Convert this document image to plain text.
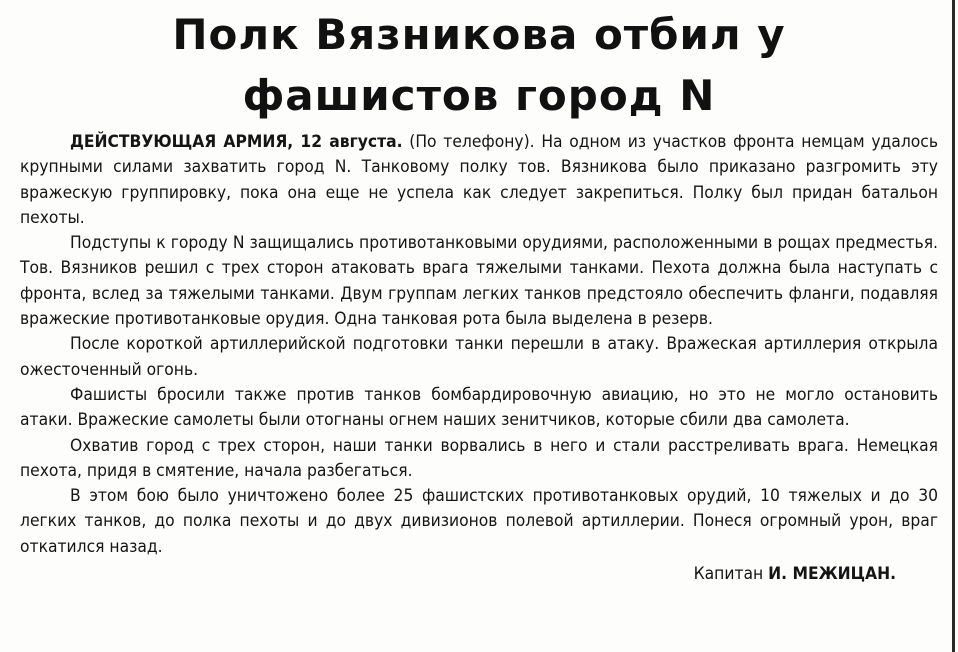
Полк Вязникова отбил у
фашистов город N

ДЕЙСТВУЮЩАЯ АРМИЯ, 12 августа. (По телефону). На одном из участков фронта немцам удалось крупными силами захватить город N. Танковому полку тов. Вязникова было приказано разгромить эту вражескую группировку, пока она еще не успела как следует закрепиться. Полку был придан батальон пехоты.

Подступы к городу N защищались противотанковыми орудиями, расположенными в рощах предместья. Тов. Вязников решил с трех сторон атаковать врага тяжелыми танками. Пехота должна была наступать с фронта, вслед за тяжелыми танками. Двум группам легких танков предстояло обеспечить фланги, подавляя вражеские противотанковые орудия. Одна танковая рота была выделена в резерв.

После короткой артиллерийской подготовки танки перешли в атаку. Вражеская артиллерия открыла ожесточенный огонь.

Фашисты бросили также против танков бомбардировочную авиацию, но это не могло остановить атаки. Вражеские самолеты были отогнаны огнем наших зенитчиков, которые сбили два самолета.

Охватив город с трех сторон, наши танки ворвались в него и стали расстреливать врага. Немецкая пехота, придя в смятение, начала разбегаться.

В этом бою было уничтожено более 25 фашистских противотанковых орудий, 10 тяжелых и до 30 легких танков, до полка пехоты и до двух дивизионов полевой артиллерии. Понеся огромный урон, враг откатился назад.

Капитан И. МЕЖИЦАН.
